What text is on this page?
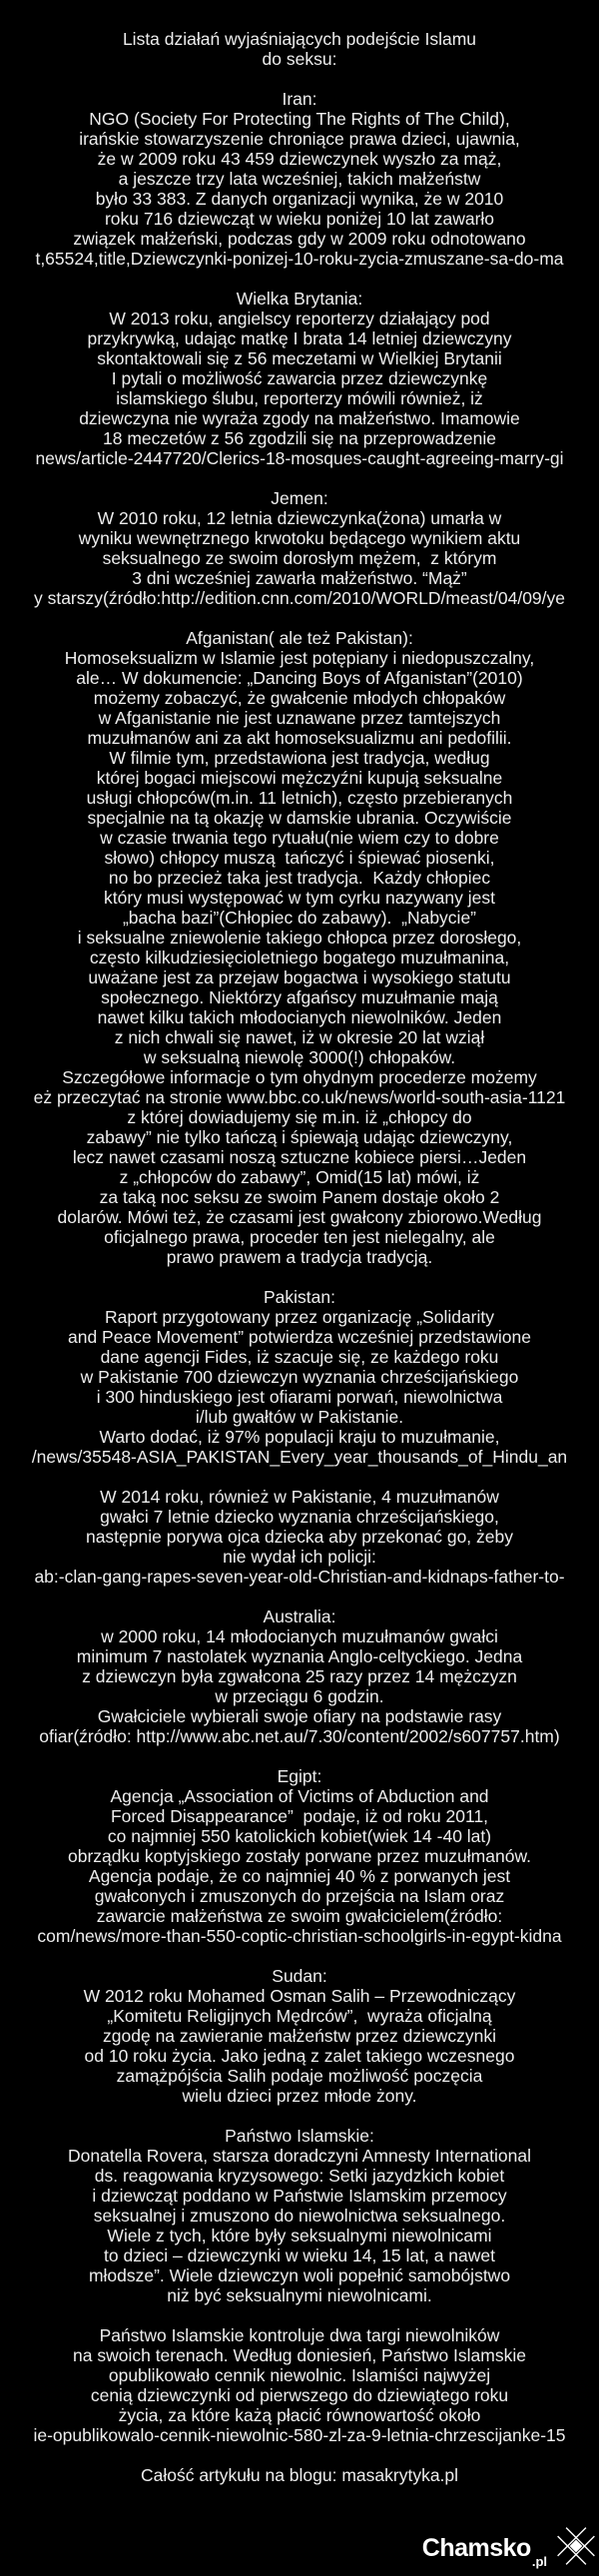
Lista działań wyjaśniających podejście Islamu
do seksu:
Iran:
NGO (Society For Protecting The Rights of The Child),
irańskie stowarzyszenie chroniące prawa dzieci, ujawnia,
że w 2009 roku 43 459 dziewczynek wyszło za mąż,
a jeszcze trzy lata wcześniej, takich małżeństw
było 33 383. Z danych organizacji wynika, że w 2010
roku 716 dziewcząt w wieku poniżej 10 lat zawarło
związek małżeński, podczas gdy w 2009 roku odnotowano
t,65524,title,Dziewczynki-ponizej-10-roku-zycia-zmuszane-sa-do-ma
Wielka Brytania:
W 2013 roku, angielscy reporterzy działający pod
przykrywką, udając matkę I brata 14 letniej dziewczyny
skontaktowali się z 56 meczetami w Wielkiej Brytanii
I pytali o możliwość zawarcia przez dziewczynkę
islamskiego ślubu, reporterzy mówili również, iż
dziewczyna nie wyraża zgody na małżeństwo. Imamowie
18 meczetów z 56 zgodzili się na przeprowadzenie
news/article-2447720/Clerics-18-mosques-caught-agreeing-marry-gi
Jemen:
W 2010 roku, 12 letnia dziewczynka(żona) umarła w
wyniku wewnętrznego krwotoku będącego wynikiem aktu
seksualnego ze swoim dorosłym mężem,  z którym
3 dni wcześniej zawarła małżeństwo. “Mąż”
y starszy(źródło:http://edition.cnn.com/2010/WORLD/meast/04/09/ye
Afganistan( ale też Pakistan):
Homoseksualizm w Islamie jest potępiany i niedopuszczalny,
ale… W dokumencie: „Dancing Boys of Afganistan”(2010)
możemy zobaczyć, że gwałcenie młodych chłopaków
w Afganistanie nie jest uznawane przez tamtejszych
muzułmanów ani za akt homoseksualizmu ani pedofilii.
W filmie tym, przedstawiona jest tradycja, według
której bogaci miejscowi mężczyźni kupują seksualne
usługi chłopców(m.in. 11 letnich), często przebieranych
specjalnie na tą okazję w damskie ubrania. Oczywiście
w czasie trwania tego rytuału(nie wiem czy to dobre
słowo) chłopcy muszą  tańczyć i śpiewać piosenki,
no bo przecież taka jest tradycja.  Każdy chłopiec
który musi występować w tym cyrku nazywany jest
„bacha bazi”(Chłopiec do zabawy).  „Nabycie”
i seksualne zniewolenie takiego chłopca przez dorosłego,
często kilkudziesięcioletniego bogatego muzułmanina,
uważane jest za przejaw bogactwa i wysokiego statutu
społecznego. Niektórzy afgańscy muzułmanie mają
nawet kilku takich młodocianych niewolników. Jeden
z nich chwali się nawet, iż w okresie 20 lat wziął
w seksualną niewolę 3000(!) chłopaków.
Szczegółowe informacje o tym ohydnym procederze możemy
eż przeczytać na stronie www.bbc.co.uk/news/world-south-asia-1121
z której dowiadujemy się m.in. iż „chłopcy do
zabawy” nie tylko tańczą i śpiewają udając dziewczyny,
lecz nawet czasami noszą sztuczne kobiece piersi…Jeden
z „chłopców do zabawy”, Omid(15 lat) mówi, iż
za taką noc seksu ze swoim Panem dostaje około 2
dolarów. Mówi też, że czasami jest gwałcony zbiorowo.Według
oficjalnego prawa, proceder ten jest nielegalny, ale
prawo prawem a tradycja tradycją.
Pakistan:
Raport przygotowany przez organizację „Solidarity
and Peace Movement” potwierdza wcześniej przedstawione
dane agencji Fides, iż szacuje się, ze każdego roku
w Pakistanie 700 dziewczyn wyznania chrześcijańskiego
i 300 hinduskiego jest ofiarami porwań, niewolnictwa
i/lub gwałtów w Pakistanie.
Warto dodać, iż 97% populacji kraju to muzułmanie,
/news/35548-ASIA_PAKISTAN_Every_year_thousands_of_Hindu_an
W 2014 roku, również w Pakistanie, 4 muzułmanów
gwałci 7 letnie dziecko wyznania chrześcijańskiego,
następnie porywa ojca dziecka aby przekonać go, żeby
nie wydał ich policji:
ab:-clan-gang-rapes-seven-year-old-Christian-and-kidnaps-father-to-
Australia:
w 2000 roku, 14 młodocianych muzułmanów gwałci
minimum 7 nastolatek wyznania Anglo-celtyckiego. Jedna
z dziewczyn była zgwałcona 25 razy przez 14 mężczyzn
w przeciągu 6 godzin.
Gwałciciele wybierali swoje ofiary na podstawie rasy
ofiar(źródło: http://www.abc.net.au/7.30/content/2002/s607757.htm)
Egipt:
Agencja „Association of Victims of Abduction and
Forced Disappearance”  podaje, iż od roku 2011,
co najmniej 550 katolickich kobiet(wiek 14 -40 lat)
obrządku koptyjskiego zostały porwane przez muzułmanów.
Agencja podaje, że co najmniej 40 % z porwanych jest
gwałconych i zmuszonych do przejścia na Islam oraz
zawarcie małżeństwa ze swoim gwałcicielem(źródło:
com/news/more-than-550-coptic-christian-schoolgirls-in-egypt-kidna
Sudan:
W 2012 roku Mohamed Osman Salih – Przewodniczący
„Komitetu Religijnych Mędrców”,  wyraża oficjalną
zgodę na zawieranie małżeństw przez dziewczynki
od 10 roku życia. Jako jedną z zalet takiego wczesnego
zamążpójścia Salih podaje możliwość poczęcia
wielu dzieci przez młode żony.
Państwo Islamskie:
Donatella Rovera, starsza doradczyni Amnesty International
ds. reagowania kryzysowego: Setki jazydzkich kobiet
i dziewcząt poddano w Państwie Islamskim przemocy
seksualnej i zmuszono do niewolnictwa seksualnego.
Wiele z tych, które były seksualnymi niewolnicami
to dzieci – dziewczynki w wieku 14, 15 lat, a nawet
młodsze”. Wiele dziewczyn woli popełnić samobójstwo
niż być seksualnymi niewolnicami.
Państwo Islamskie kontroluje dwa targi niewolników
na swoich terenach. Według doniesień, Państwo Islamskie
opublikowało cennik niewolnic. Islamiści najwyżej
cenią dziewczynki od pierwszego do dziewiątego roku
życia, za które każą płacić równowartość około
ie-opublikowalo-cennik-niewolnic-580-zl-za-9-letnia-chrzescijanke-15
Całość artykułu na blogu: masakrytyka.pl
Chamsko .pl
